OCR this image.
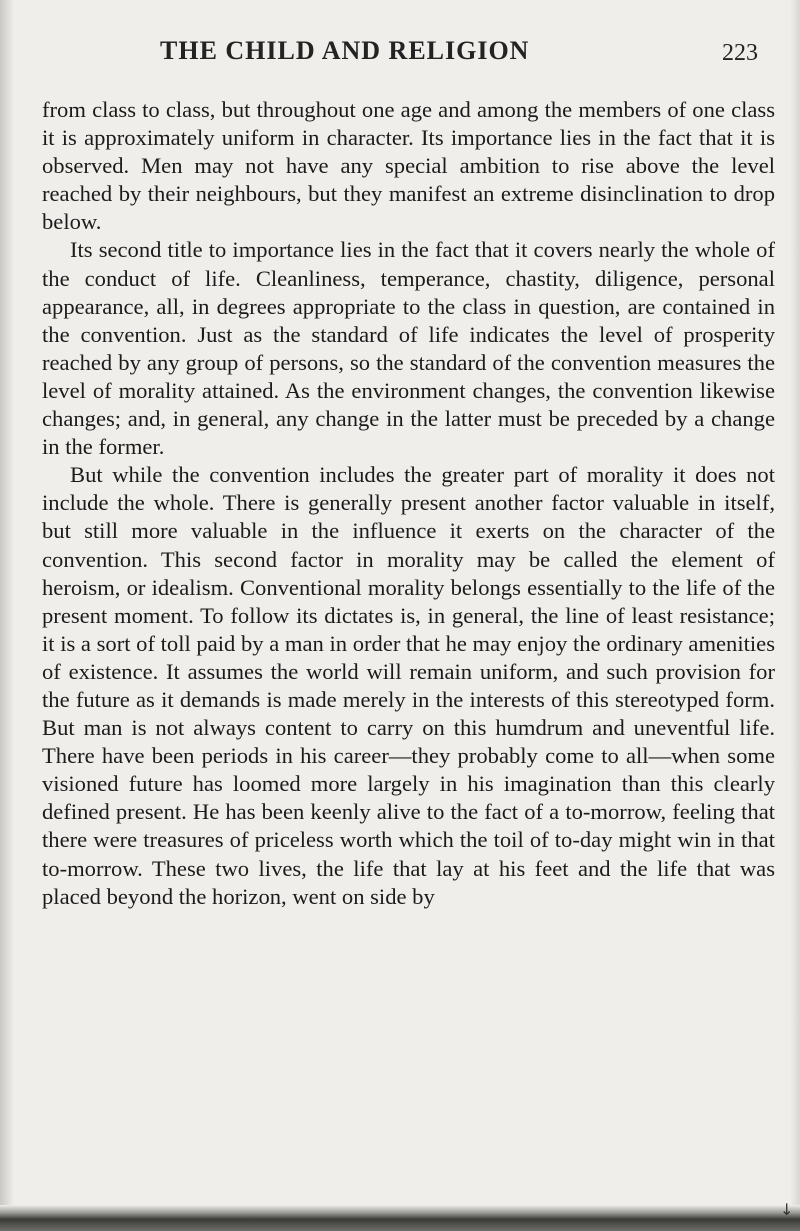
THE CHILD AND RELIGION	223

from class to class, but throughout one age and among the members of one class it is approximately uniform in character. Its importance lies in the fact that it is observed. Men may not have any special ambition to rise above the level reached by their neighbours, but they manifest an extreme disinclination to drop below.

Its second title to importance lies in the fact that it covers nearly the whole of the conduct of life. Cleanliness, temperance, chastity, diligence, personal appearance, all, in degrees appropriate to the class in question, are contained in the convention. Just as the standard of life indicates the level of prosperity reached by any group of persons, so the standard of the convention measures the level of morality attained. As the environment changes, the convention likewise changes; and, in general, any change in the latter must be preceded by a change in the former.

But while the convention includes the greater part of morality it does not include the whole. There is generally present another factor valuable in itself, but still more valuable in the influence it exerts on the character of the convention. This second factor in morality may be called the element of heroism, or idealism. Conventional morality belongs essentially to the life of the present moment. To follow its dictates is, in general, the line of least resistance; it is a sort of toll paid by a man in order that he may enjoy the ordinary amenities of existence. It assumes the world will remain uniform, and such provision for the future as it demands is made merely in the interests of this stereotyped form. But man is not always content to carry on this humdrum and uneventful life. There have been periods in his career—they probably come to all—when some visioned future has loomed more largely in his imagination than this clearly defined present. He has been keenly alive to the fact of a to-morrow, feeling that there were treasures of priceless worth which the toil of to-day might win in that to-morrow. These two lives, the life that lay at his feet and the life that was placed beyond the horizon, went on side by

↓
